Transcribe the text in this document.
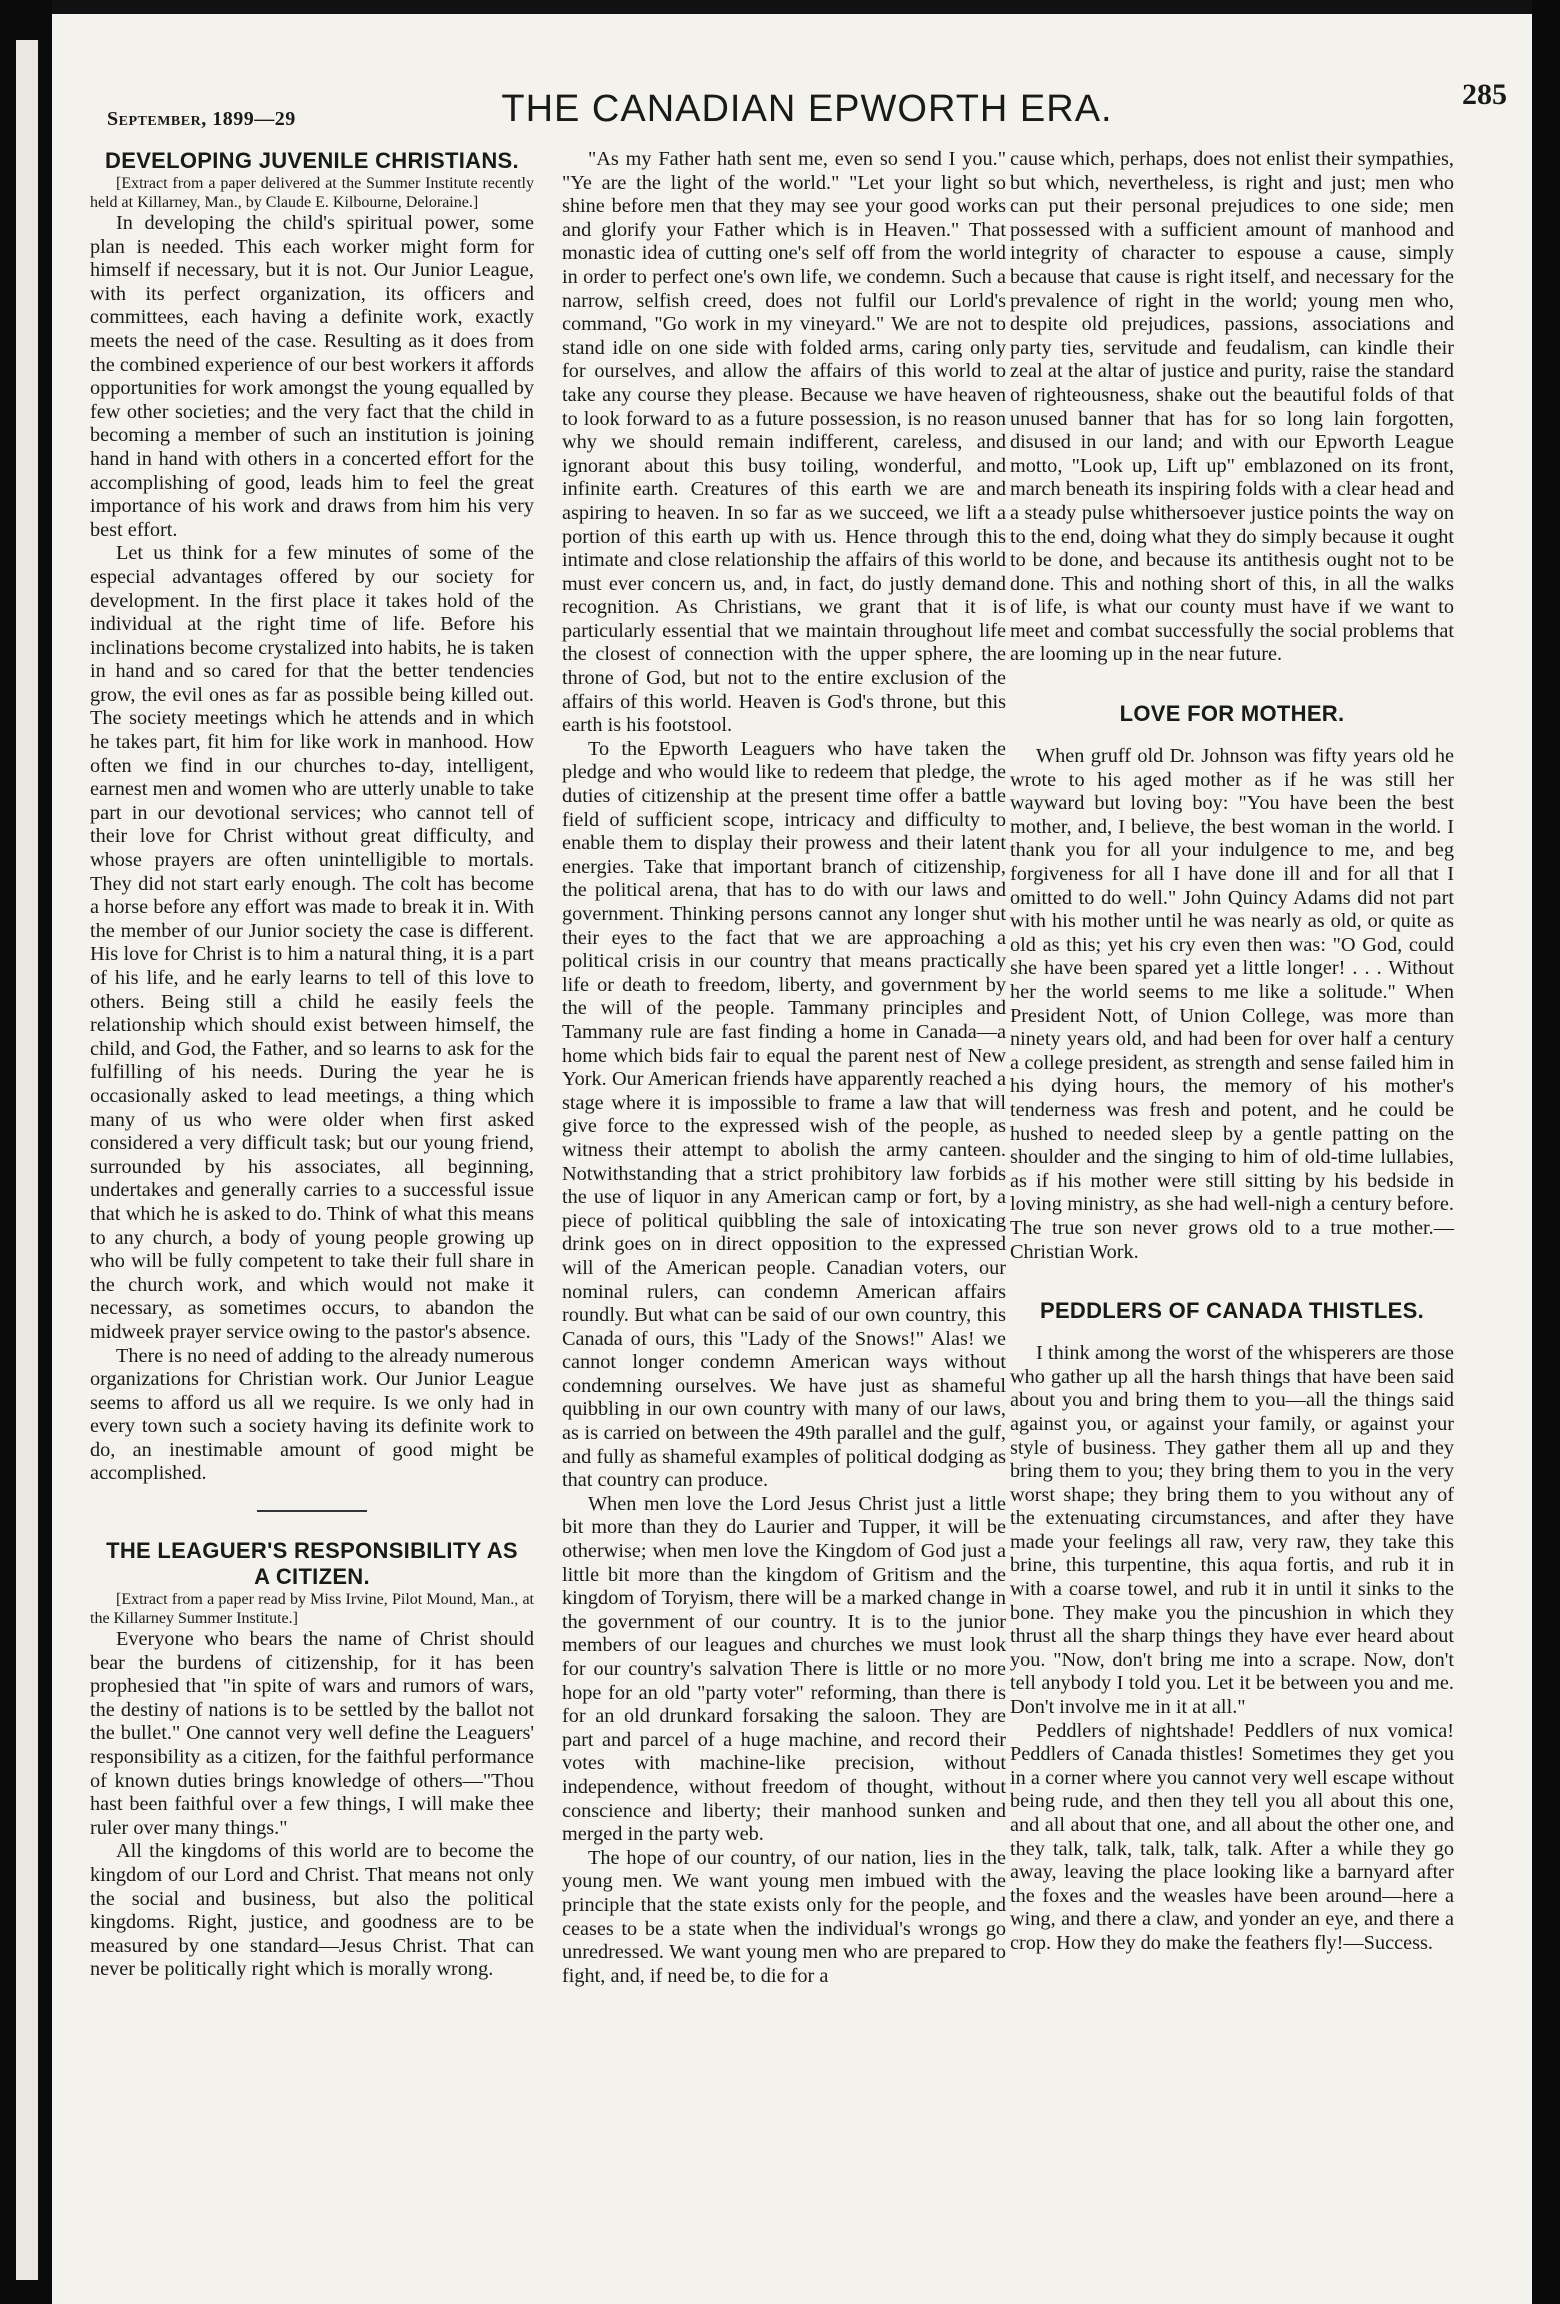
September, 1899—29	THE CANADIAN EPWORTH ERA.	285
DEVELOPING JUVENILE CHRISTIANS.

[Extract from a paper delivered at the Summer Institute recently held at Killarney, Man., by Claude E. Kilbourne, Deloraine.]

In developing the child's spiritual power, some plan is needed. This each worker might form for himself if necessary, but it is not. Our Junior League, with its perfect organization, its officers and committees, each having a definite work, exactly meets the need of the case. Resulting as it does from the combined experience of our best workers it affords opportunities for work amongst the young equalled by few other societies; and the very fact that the child in becoming a member of such an institution is joining hand in hand with others in a concerted effort for the accomplishing of good, leads him to feel the great importance of his work and draws from him his very best effort.

Let us think for a few minutes of some of the especial advantages offered by our society for development. In the first place it takes hold of the individual at the right time of life. Before his inclinations become crystalized into habits, he is taken in hand and so cared for that the better tendencies grow, the evil ones as far as possible being killed out. The society meetings which he attends and in which he takes part, fit him for like work in manhood. How often we find in our churches to-day, intelligent, earnest men and women who are utterly unable to take part in our devotional services; who cannot tell of their love for Christ without great difficulty, and whose prayers are often unintelligible to mortals. They did not start early enough. The colt has become a horse before any effort was made to break it in. With the member of our Junior society the case is different. His love for Christ is to him a natural thing, it is a part of his life, and he early learns to tell of this love to others. Being still a child he easily feels the relationship which should exist between himself, the child, and God, the Father, and so learns to ask for the fulfilling of his needs. During the year he is occasionally asked to lead meetings, a thing which many of us who were older when first asked considered a very difficult task; but our young friend, surrounded by his associates, all beginning, undertakes and generally carries to a successful issue that which he is asked to do. Think of what this means to any church, a body of young people growing up who will be fully competent to take their full share in the church work, and which would not make it necessary, as sometimes occurs, to abandon the midweek prayer service owing to the pastor's absence.

There is no need of adding to the already numerous organizations for Christian work. Our Junior League seems to afford us all we require. Is we only had in every town such a society having its definite work to do, an inestimable amount of good might be accomplished.

THE LEAGUER'S RESPONSIBILITY AS
A CITIZEN.

[Extract from a paper read by Miss Irvine, Pilot Mound, Man., at the Killarney Summer Institute.]

Everyone who bears the name of Christ should bear the burdens of citizenship, for it has been prophesied that "in spite of wars and rumors of wars, the destiny of nations is to be settled by the ballot not the bullet." One cannot very well define the Leaguers' responsibility as a citizen, for the faithful performance of known duties brings knowledge of others—"Thou hast been faithful over a few things, I will make thee ruler over many things."

All the kingdoms of this world are to become the kingdom of our Lord and Christ. That means not only the social and business, but also the political kingdoms. Right, justice, and goodness are to be measured by one standard—Jesus Christ. That can never be politically right which is morally wrong.

"As my Father hath sent me, even so send I you." "Ye are the light of the world." "Let your light so shine before men that they may see your good works and glorify your Father which is in Heaven." That monastic idea of cutting one's self off from the world in order to perfect one's own life, we condemn. Such a narrow, selfish creed, does not fulfil our Lorld's command, "Go work in my vineyard." We are not to stand idle on one side with folded arms, caring only for ourselves, and allow the affairs of this world to take any course they please. Because we have heaven to look forward to as a future possession, is no reason why we should remain indifferent, careless, and ignorant about this busy toiling, wonderful, and infinite earth. Creatures of this earth we are and aspiring to heaven. In so far as we succeed, we lift a portion of this earth up with us. Hence through this intimate and close relationship the affairs of this world must ever concern us, and, in fact, do justly demand recognition. As Christians, we grant that it is particularly essential that we maintain throughout life the closest of connection with the upper sphere, the throne of God, but not to the entire exclusion of the affairs of this world. Heaven is God's throne, but this earth is his footstool.

To the Epworth Leaguers who have taken the pledge and who would like to redeem that pledge, the duties of citizenship at the present time offer a battle field of sufficient scope, intricacy and difficulty to enable them to display their prowess and their latent energies. Take that important branch of citizenship, the political arena, that has to do with our laws and government. Thinking persons cannot any longer shut their eyes to the fact that we are approaching a political crisis in our country that means practically life or death to freedom, liberty, and government by the will of the people. Tammany principles and Tammany rule are fast finding a home in Canada—a home which bids fair to equal the parent nest of New York. Our American friends have apparently reached a stage where it is impossible to frame a law that will give force to the expressed wish of the people, as witness their attempt to abolish the army canteen. Notwithstanding that a strict prohibitory law forbids the use of liquor in any American camp or fort, by a piece of political quibbling the sale of intoxicating drink goes on in direct opposition to the expressed will of the American people. Canadian voters, our nominal rulers, can condemn American affairs roundly. But what can be said of our own country, this Canada of ours, this "Lady of the Snows!" Alas! we cannot longer condemn American ways without condemning ourselves. We have just as shameful quibbling in our own country with many of our laws, as is carried on between the 49th parallel and the gulf, and fully as shameful examples of political dodging as that country can produce.

When men love the Lord Jesus Christ just a little bit more than they do Laurier and Tupper, it will be otherwise; when men love the Kingdom of God just a little bit more than the kingdom of Gritism and the kingdom of Toryism, there will be a marked change in the government of our country. It is to the junior members of our leagues and churches we must look for our country's salvation There is little or no more hope for an old "party voter" reforming, than there is for an old drunkard forsaking the saloon. They are part and parcel of a huge machine, and record their votes with machine-like precision, without independence, without freedom of thought, without conscience and liberty; their manhood sunken and merged in the party web.

The hope of our country, of our nation, lies in the young men. We want young men imbued with the principle that the state exists only for the people, and ceases to be a state when the individual's wrongs go unredressed. We want young men who are prepared to fight, and, if need be, to die for a

cause which, perhaps, does not enlist their sympathies, but which, nevertheless, is right and just; men who can put their personal prejudices to one side; men possessed with a sufficient amount of manhood and integrity of character to espouse a cause, simply because that cause is right itself, and necessary for the prevalence of right in the world; young men who, despite old prejudices, passions, associations and party ties, servitude and feudalism, can kindle their zeal at the altar of justice and purity, raise the standard of righteousness, shake out the beautiful folds of that unused banner that has for so long lain forgotten, disused in our land; and with our Epworth League motto, "Look up, Lift up" emblazoned on its front, march beneath its inspiring folds with a clear head and a steady pulse whithersoever justice points the way on to the end, doing what they do simply because it ought to be done, and because its antithesis ought not to be done. This and nothing short of this, in all the walks of life, is what our county must have if we want to meet and combat successfully the social problems that are looming up in the near future.

LOVE FOR MOTHER.

When gruff old Dr. Johnson was fifty years old he wrote to his aged mother as if he was still her wayward but loving boy: "You have been the best mother, and, I believe, the best woman in the world. I thank you for all your indulgence to me, and beg forgiveness for all I have done ill and for all that I omitted to do well." John Quincy Adams did not part with his mother until he was nearly as old, or quite as old as this; yet his cry even then was: "O God, could she have been spared yet a little longer! . . . Without her the world seems to me like a solitude." When President Nott, of Union College, was more than ninety years old, and had been for over half a century a college president, as strength and sense failed him in his dying hours, the memory of his mother's tenderness was fresh and potent, and he could be hushed to needed sleep by a gentle patting on the shoulder and the singing to him of old-time lullabies, as if his mother were still sitting by his bedside in loving ministry, as she had well-nigh a century before. The true son never grows old to a true mother.—Christian Work.

PEDDLERS OF CANADA THISTLES.

I think among the worst of the whisperers are those who gather up all the harsh things that have been said about you and bring them to you—all the things said against you, or against your family, or against your style of business. They gather them all up and they bring them to you; they bring them to you in the very worst shape; they bring them to you without any of the extenuating circumstances, and after they have made your feelings all raw, very raw, they take this brine, this turpentine, this aqua fortis, and rub it in with a coarse towel, and rub it in until it sinks to the bone. They make you the pincushion in which they thrust all the sharp things they have ever heard about you. "Now, don't bring me into a scrape. Now, don't tell anybody I told you. Let it be between you and me. Don't involve me in it at all."

Peddlers of nightshade! Peddlers of nux vomica! Peddlers of Canada thistles! Sometimes they get you in a corner where you cannot very well escape without being rude, and then they tell you all about this one, and all about that one, and all about the other one, and they talk, talk, talk, talk, talk. After a while they go away, leaving the place looking like a barnyard after the foxes and the weasles have been around—here a wing, and there a claw, and yonder an eye, and there a crop. How they do make the feathers fly!—Success.
